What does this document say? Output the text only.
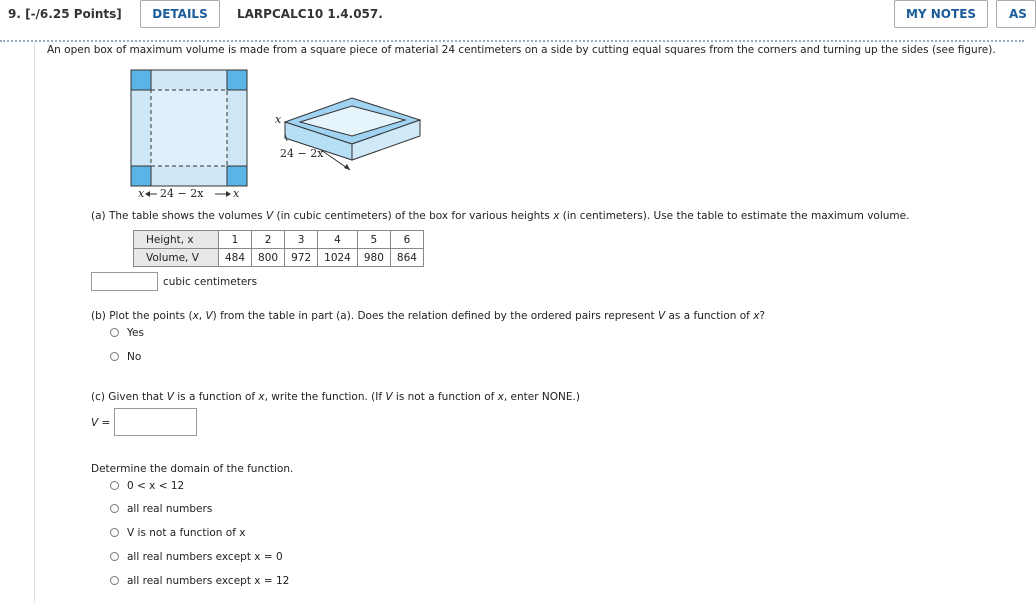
9. [-/6.25 Points]	DETAILS	LARPCALC10 1.4.057.	MY NOTES	AS
An open box of maximum volume is made from a square piece of material 24 centimeters on a side by cutting equal squares from the corners and turning up the sides (see figure).
x
24 − 2x
x 24 − 2x	x
(a) The table shows the volumes V (in cubic centimeters) of the box for various heights x (in centimeters). Use the table to estimate the maximum volume.
Height, x	1	2	3	4	5	6
Volume, V	484	800	972	1024	980	864
cubic centimeters
(b) Plot the points (x, V) from the table in part (a). Does the relation defined by the ordered pairs represent V as a function of x?
Yes
No
(c) Given that V is a function of x, write the function. (If V is not a function of x, enter NONE.)
V =
Determine the domain of the function.
0 < x < 12
all real numbers
V is not a function of x
all real numbers except x = 0
all real numbers except x = 12
